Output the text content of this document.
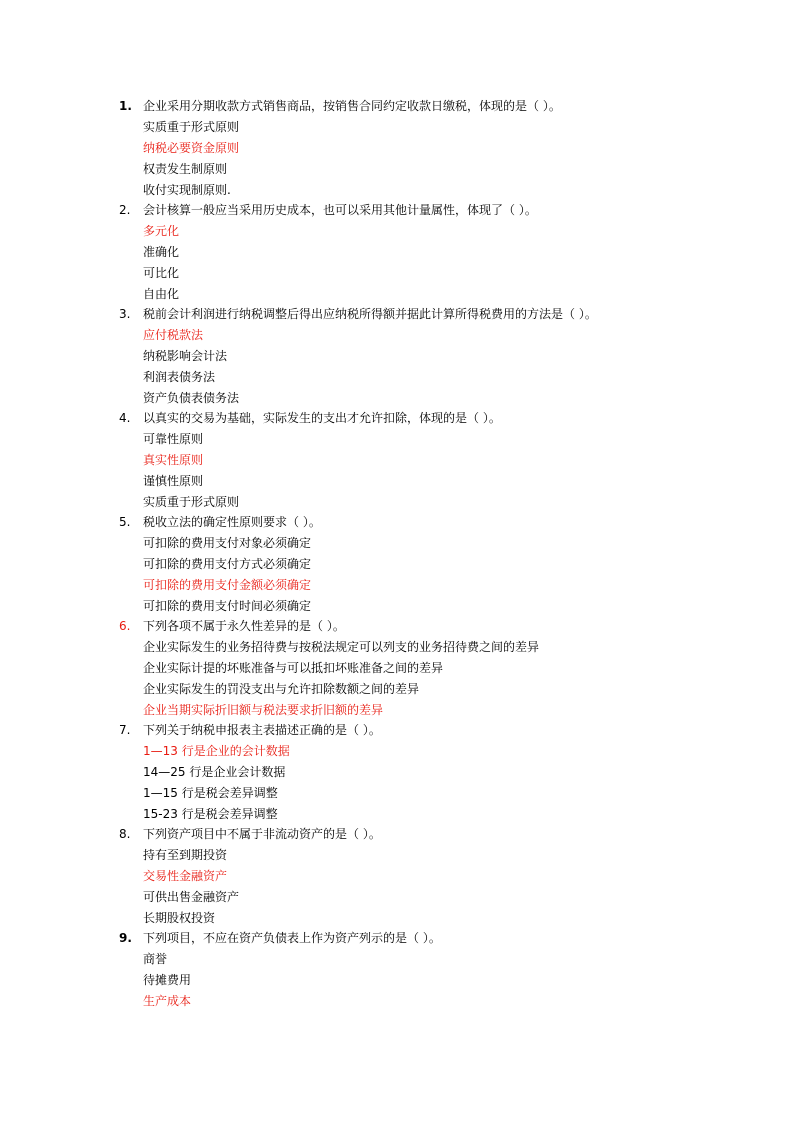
1. 企业采用分期收款方式销售商品，按销售合同约定收款日缴税，体现的是（ ）。
实质重于形式原则
纳税必要资金原则
权责发生制原则
收付实现制原则.
2.	会计核算一般应当采用历史成本，也可以采用其他计量属性，体现了（ ）。
多元化
准确化
可比化
自由化
3.	税前会计利润进行纳税调整后得出应纳税所得额并据此计算所得税费用的方法是（ ）。
应付税款法
纳税影响会计法
利润表债务法
资产负债表债务法
4.	以真实的交易为基础，实际发生的支出才允许扣除，体现的是（ ）。
可靠性原则
真实性原则
谨慎性原则
实质重于形式原则
5.	税收立法的确定性原则要求（ ）。
可扣除的费用支付对象必须确定
可扣除的费用支付方式必须确定
可扣除的费用支付金额必须确定
可扣除的费用支付时间必须确定
6.	下列各项不属于永久性差异的是（ ）。
企业实际发生的业务招待费与按税法规定可以列支的业务招待费之间的差异
企业实际计提的坏账准备与可以抵扣坏账准备之间的差异
企业实际发生的罚没支出与允许扣除数额之间的差异
企业当期实际折旧额与税法要求折旧额的差异
7.	下列关于纳税申报表主表描述正确的是（ ）。
1—13 行是企业的会计数据
14—25 行是企业会计数据
1—15 行是税会差异调整
15-23 行是税会差异调整
8.	下列资产项目中不属于非流动资产的是（ ）。
持有至到期投资
交易性金融资产
可供出售金融资产
长期股权投资
9. 下列项目，不应在资产负债表上作为资产列示的是（ ）。
商誉
待摊费用
生产成本
